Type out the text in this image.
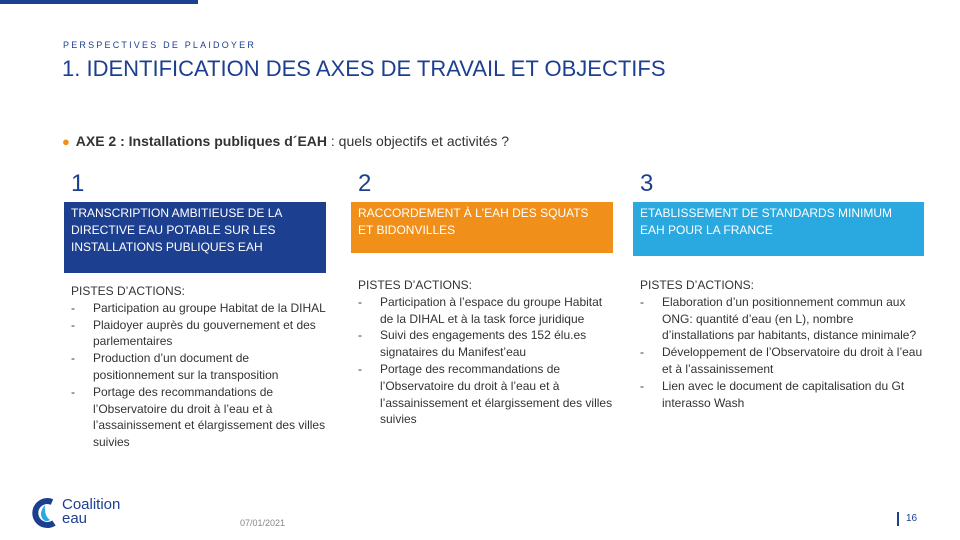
PERSPECTIVES DE PLAIDOYER
1. IDENTIFICATION DES AXES DE TRAVAIL ET OBJECTIFS
● AXE 2 : Installations publiques d´EAH : quels objectifs et activités ?
1
TRANSCRIPTION AMBITIEUSE DE LA DIRECTIVE EAU POTABLE SUR LES INSTALLATIONS PUBLIQUES EAH
PISTES D’ACTIONS:
- Participation au groupe Habitat de la DIHAL
- Plaidoyer auprès du gouvernement et des parlementaires
- Production d’un document de positionnement sur la transposition
- Portage des recommandations de l’Observatoire du droit à l’eau et à l’assainissement et élargissement des villes suivies
2
RACCORDEMENT À L'EAH DES SQUATS ET BIDONVILLES
PISTES D’ACTIONS:
- Participation à l’espace du groupe Habitat de la DIHAL et à la task force juridique
- Suivi des engagements des 152 élu.es signataires du Manifest’eau
- Portage des recommandations de l’Observatoire du droit à l’eau et à l’assainissement et élargissement des villes suivies
3
ETABLISSEMENT DE STANDARDS MINIMUM EAH POUR LA FRANCE
PISTES D’ACTIONS:
- Elaboration d’un positionnement commun aux ONG: quantité d’eau (en L), nombre d’installations par habitants, distance minimale?
- Développement de l’Observatoire du droit à l’eau et à l’assainissement
- Lien avec le document de capitalisation du Gt interasso Wash
Coalition
eau	07/01/2021	16
